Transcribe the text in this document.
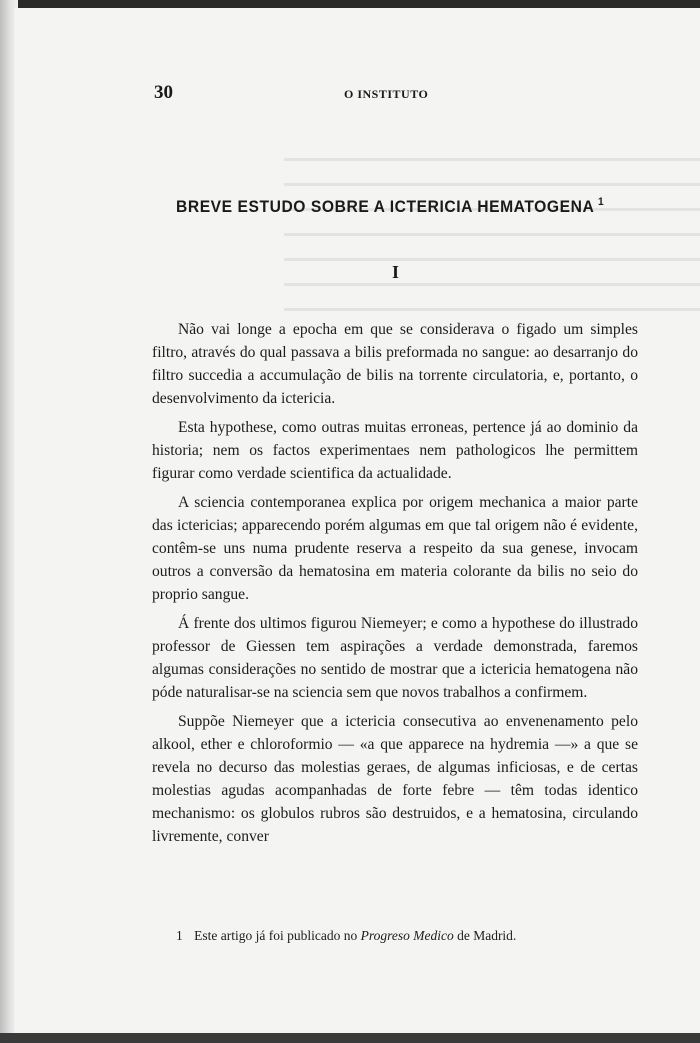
30	O INSTITUTO
BREVE ESTUDO SOBRE A ICTERICIA HEMATOGENA $^1$
I

Não vai longe a epocha em que se considerava o figado um simples filtro, através do qual passava a bilis preformada no sangue: ao desarranjo do filtro succedia a accumulação de bilis na torrente circulatoria, e, portanto, o desenvolvimento da ictericia.

Esta hypothese, como outras muitas erroneas, pertence já ao dominio da historia; nem os factos experimentaes nem pathologicos lhe permittem figurar como verdade scientifica da actualidade.

A sciencia contemporanea explica por origem mechanica a maior parte das ictericias; apparecendo porém algumas em que tal origem não é evidente, contêm-se uns numa prudente reserva a respeito da sua genese, invocam outros a conversão da hematosina em materia colorante da bilis no seio do proprio sangue.

Á frente dos ultimos figurou Niemeyer; e como a hypothese do illustrado professor de Giessen tem aspirações a verdade demonstrada, faremos algumas considerações no sentido de mostrar que a ictericia hematogena não póde naturalisar-se na sciencia sem que novos trabalhos a confirmem.

Suppõe Niemeyer que a ictericia consecutiva ao envenenamento pelo alkool, ether e chloroformio — «a que apparece na hydremia —» a que se revela no decurso das molestias geraes, de algumas inficiosas, e de certas molestias agudas acompanhadas de forte febre — têm todas identico mechanismo: os globulos rubros são destruidos, e a hematosina, circulando livremente, conver

1 Este artigo já foi publicado no Progreso Medico de Madrid.
